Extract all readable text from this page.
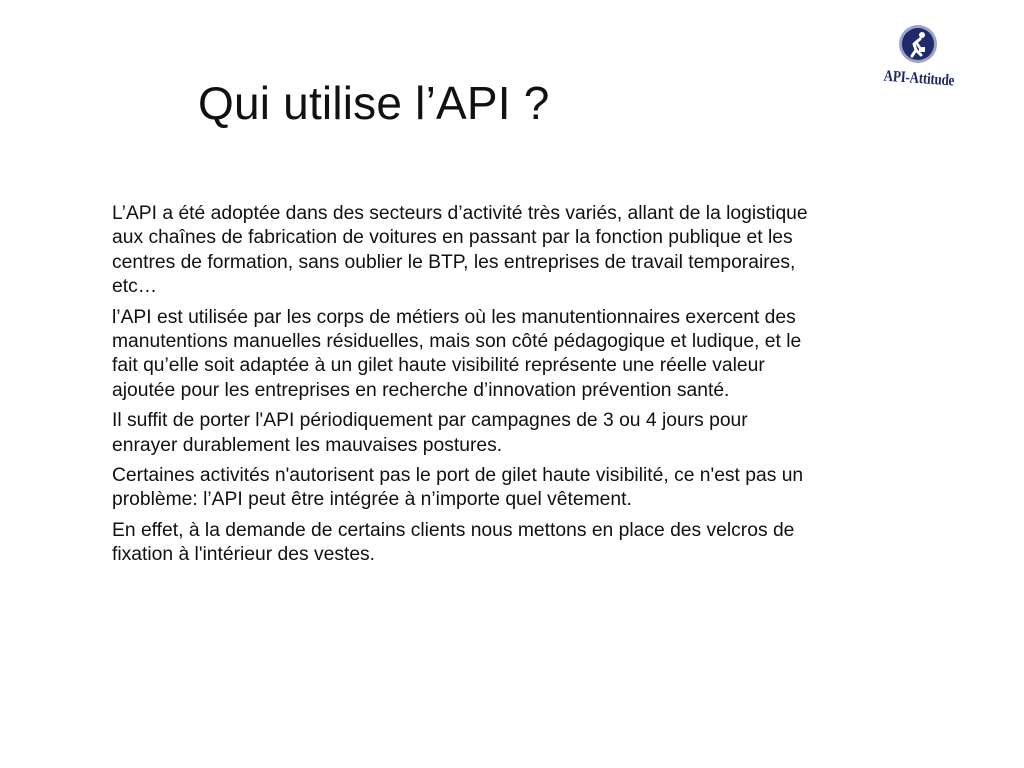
Qui utilise l’API ?	API-Attitude

L’API a été adoptée dans des secteurs d’activité très variés, allant de la logistique aux chaînes de fabrication de voitures en passant par la fonction publique et les centres de formation, sans oublier le BTP, les entreprises de travail temporaires, etc…

l’API est utilisée par les corps de métiers où les manutentionnaires exercent des manutentions manuelles résiduelles, mais son côté pédagogique et ludique, et le fait qu’elle soit adaptée à un gilet haute visibilité représente une réelle valeur ajoutée pour les entreprises en recherche d’innovation prévention santé.

Il suffit de porter l'API périodiquement par campagnes de 3 ou 4 jours pour enrayer durablement les mauvaises postures.

Certaines activités n'autorisent pas le port de gilet haute visibilité, ce n'est pas un problème: l’API peut être intégrée à n’importe quel vêtement.

En effet, à la demande de certains clients nous mettons en place des velcros de fixation à l'intérieur des vestes.
